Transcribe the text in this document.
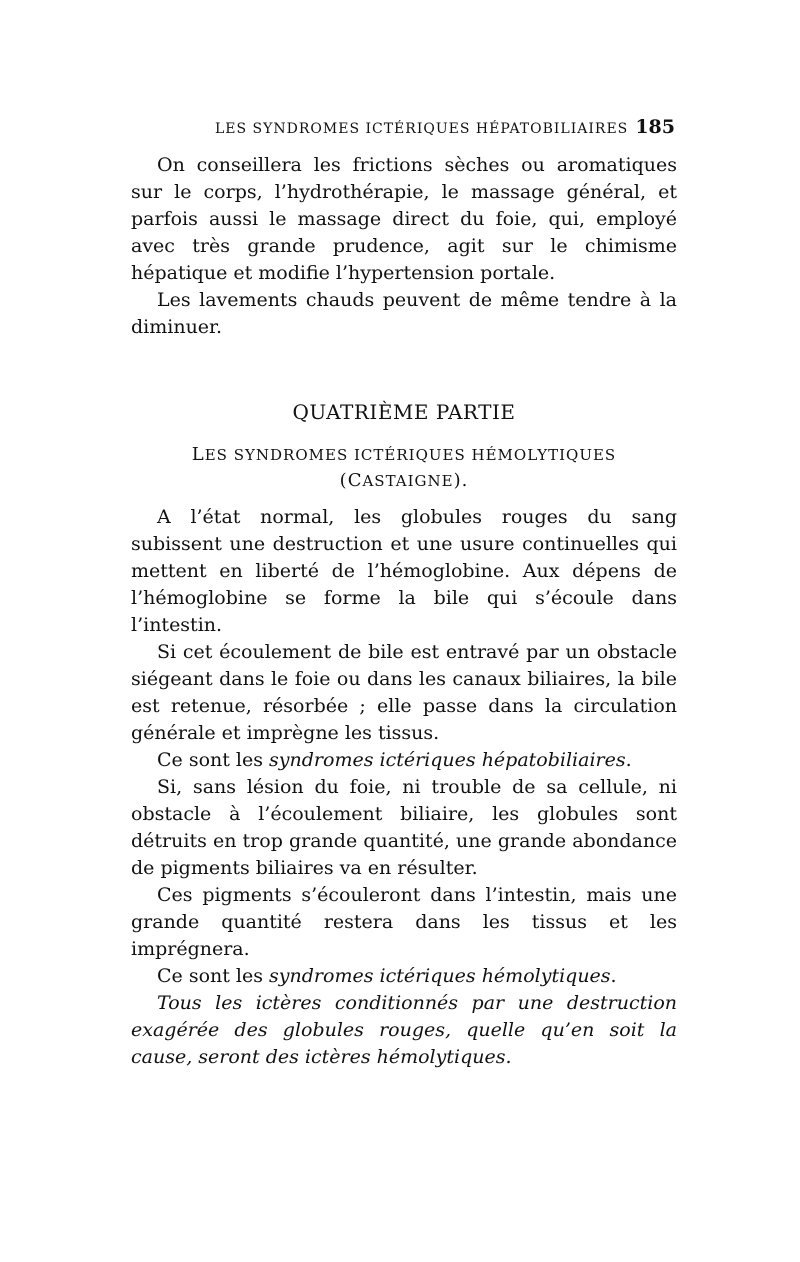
LES SYNDROMES ICTÉRIQUES HÉPATOBILIAIRES 185

On conseillera les frictions sèches ou aromatiques sur le corps, l’hydrothérapie, le massage général, et parfois aussi le massage direct du foie, qui, employé avec très grande prudence, agit sur le chimisme hépatique et modifie l’hypertension portale.

Les lavements chauds peuvent de même tendre à la diminuer.

QUATRIÈME PARTIE
LES SYNDROMES ICTÉRIQUES HÉMOLYTIQUES
(CASTAIGNE).

A l’état normal, les globules rouges du sang subissent une destruction et une usure continuelles qui mettent en liberté de l’hémoglobine. Aux dépens de l’hémoglobine se forme la bile qui s’écoule dans l’intestin.

Si cet écoulement de bile est entravé par un obstacle siégeant dans le foie ou dans les canaux biliaires, la bile est retenue, résorbée ; elle passe dans la circulation générale et imprègne les tissus.

Ce sont les syndromes ictériques hépatobiliaires.

Si, sans lésion du foie, ni trouble de sa cellule, ni obstacle à l’écoulement biliaire, les globules sont détruits en trop grande quantité, une grande abondance de pigments biliaires va en résulter.

Ces pigments s’écouleront dans l’intestin, mais une grande quantité restera dans les tissus et les imprégnera.

Ce sont les syndromes ictériques hémolytiques.

Tous les ictères conditionnés par une destruction exagérée des globules rouges, quelle qu’en soit la cause, seront des ictères hémolytiques.
